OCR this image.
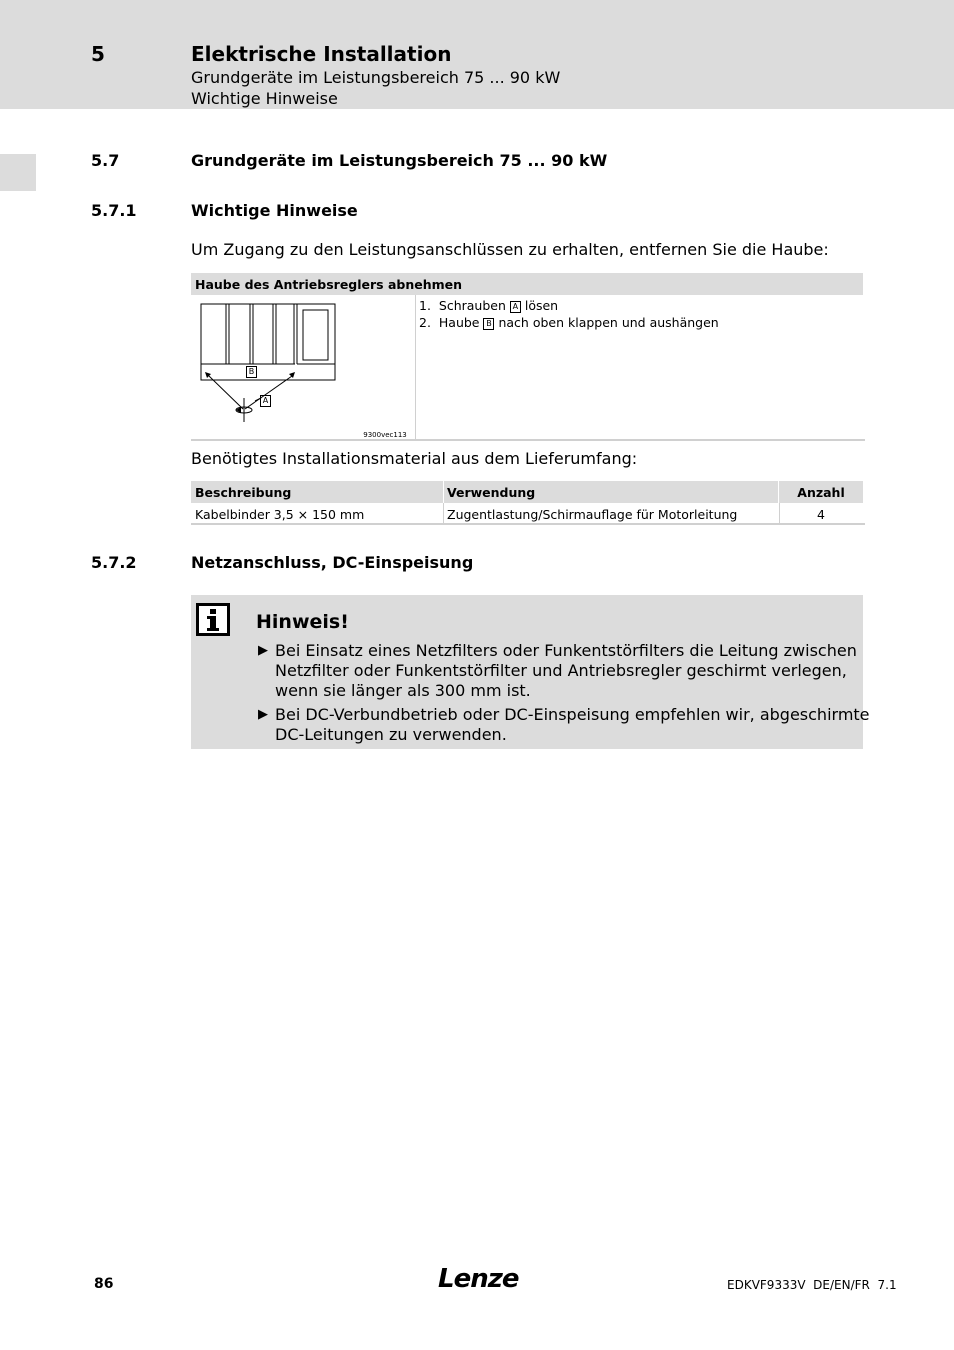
5	Elektrische Installation
Grundgeräte im Leistungsbereich 75 ... 90 kW
Wichtige Hinweise
5.7	Grundgeräte im Leistungsbereich 75 ... 90 kW
5.7.1	Wichtige Hinweise
Um Zugang zu den Leistungsanschlüssen zu erhalten, entfernen Sie die Haube:
Haube des Antriebsreglers abnehmen
9300vec113
B
A
1. Schrauben A lösen
2. Haube B nach oben klappen und aushängen
Benötigtes Installationsmaterial aus dem Lieferumfang:
Beschreibung	Verwendung	Anzahl
Kabelbinder 3,5 × 150 mm	Zugentlastung/Schirmauflage für Motorleitung	4
5.7.2	Netzanschluss, DC-Einspeisung
Hinweis!
▶ Bei Einsatz eines Netzfilters oder Funkentstörfilters die Leitung zwischen
Netzfilter oder Funkentstörfilter und Antriebsregler geschirmt verlegen,
wenn sie länger als 300 mm ist.
▶ Bei DC-Verbundbetrieb oder DC-Einspeisung empfehlen wir, abgeschirmte
DC-Leitungen zu verwenden.
86	Lenze	EDKVF9333V  DE/EN/FR  7.1
